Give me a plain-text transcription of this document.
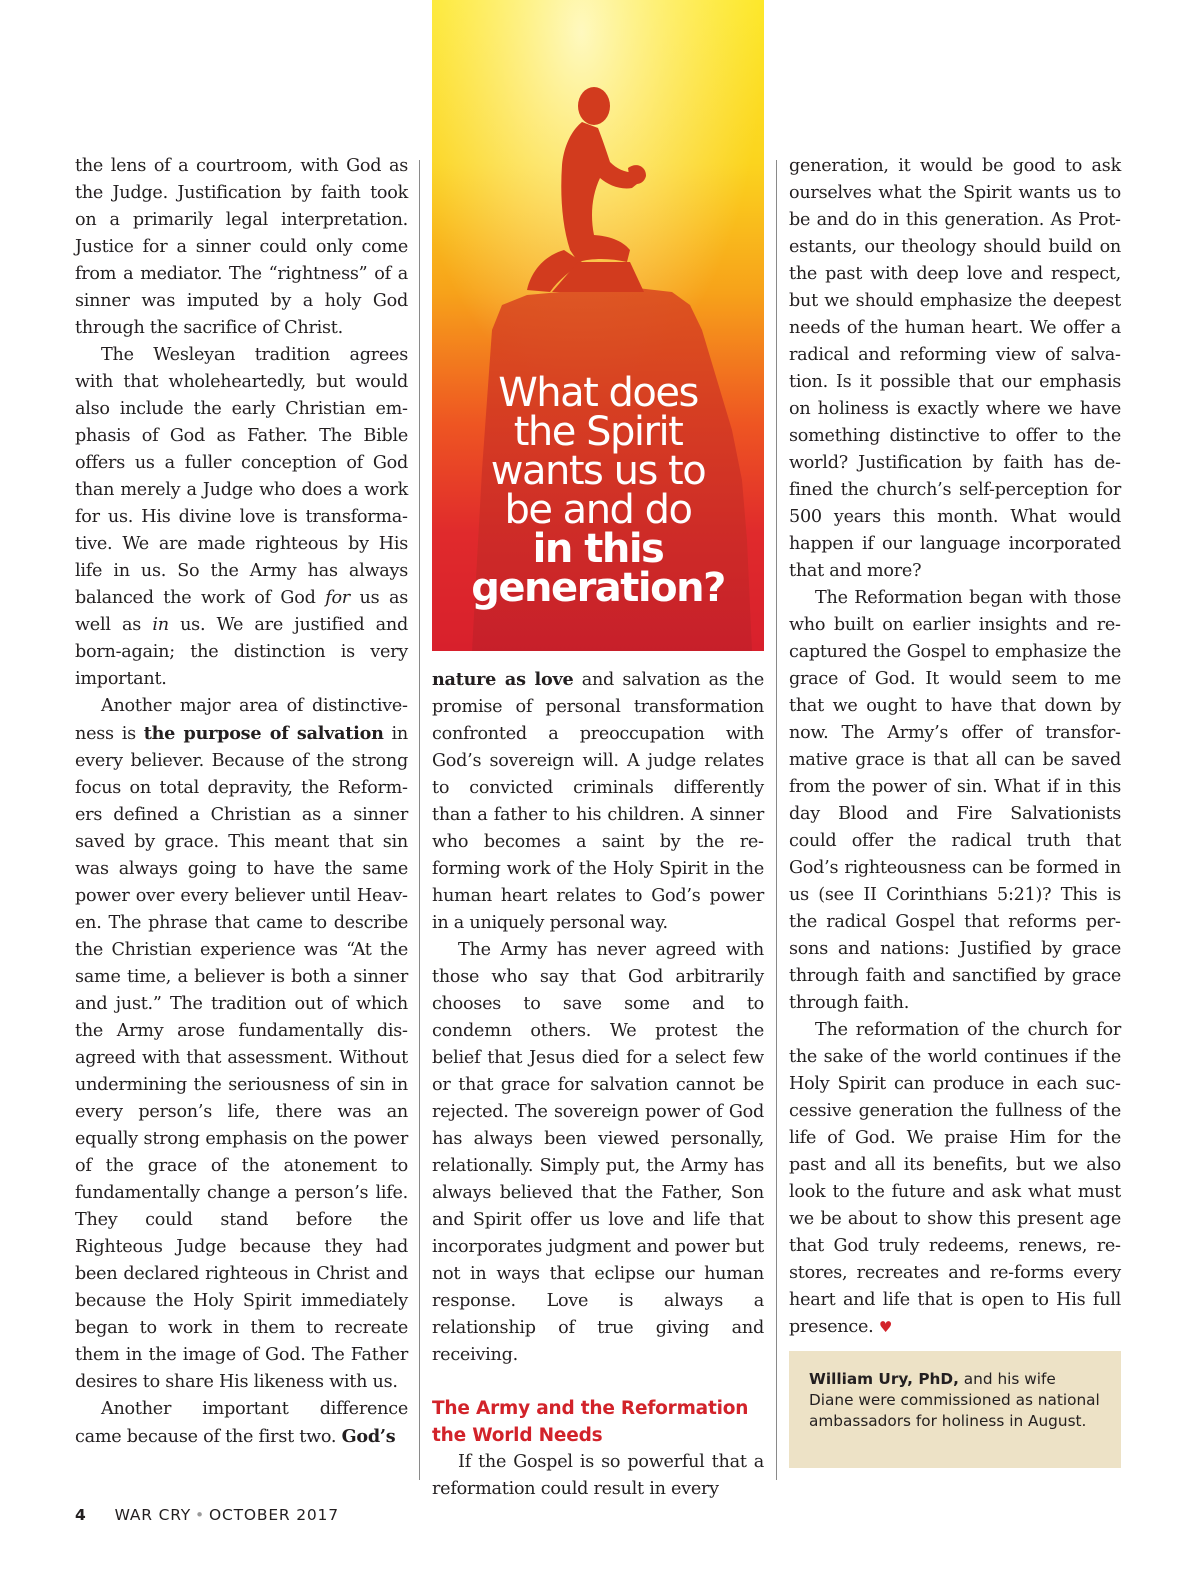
the lens of a courtroom, with God as the Judge. Justification by faith took on a primarily legal interpretation. Justice for a sinner could only come from a mediator. The “rightness” of a sinner was imputed by a holy God through the sacrifice of Christ.

The Wesleyan tradition agrees with that wholeheartedly, but would also include the early Christian emphasis of God as Father. The Bible offers us a fuller conception of God than merely a Judge who does a work for us. His divine love is transformative. We are made righteous by His life in us. So the Army has always balanced the work of God for us as well as in us. We are justified and born-again; the distinction is very important.

Another major area of distinctiveness is the purpose of salvation in every believer. Because of the strong focus on total depravity, the Reformers defined a Christian as a sinner saved by grace. This meant that sin was always going to have the same power over every believer until Heaven. The phrase that came to describe the Christian experience was “At the same time, a believer is both a sinner and just.” The tradition out of which the Army arose fundamentally disagreed with that assessment. Without undermining the seriousness of sin in every person’s life, there was an equally strong emphasis on the power of the grace of the atonement to fundamentally change a person’s life. They could stand before the Righteous Judge because they had been declared righteous in Christ and because the Holy Spirit immediately began to work in them to recreate them in the image of God. The Father desires to share His likeness with us.

Another important difference came because of the first two. God’s

What does
the Spirit
wants us to
be and do
in this
generation?

nature as love and salvation as the promise of personal transformation confronted a preoccupation with God’s sovereign will. A judge relates to convicted criminals differently than a father to his children. A sinner who becomes a saint by the reforming work of the Holy Spirit in the human heart relates to God’s power in a uniquely personal way.

The Army has never agreed with those who say that God arbitrarily chooses to save some and to condemn others. We protest the belief that Jesus died for a select few or that grace for salvation cannot be rejected. The sovereign power of God has always been viewed personally, relationally. Simply put, the Army has always believed that the Father, Son and Spirit offer us love and life that incorporates judgment and power but not in ways that eclipse our human response. Love is always a relationship of true giving and receiving.

The Army and the Reformation the World Needs

If the Gospel is so powerful that a reformation could result in every

generation, it would be good to ask ourselves what the Spirit wants us to be and do in this generation. As Protestants, our theology should build on the past with deep love and respect, but we should emphasize the deepest needs of the human heart. We offer a radical and reforming view of salvation. Is it possible that our emphasis on holiness is exactly where we have something distinctive to offer to the world? Justification by faith has defined the church’s self-perception for 500 years this month. What would happen if our language incorporated that and more?

The Reformation began with those who built on earlier insights and recaptured the Gospel to emphasize the grace of God. It would seem to me that we ought to have that down by now. The Army’s offer of transformative grace is that all can be saved from the power of sin. What if in this day Blood and Fire Salvationists could offer the radical truth that God’s righteousness can be formed in us (see II Corinthians 5:21)? This is the radical Gospel that reforms persons and nations: Justified by grace through faith and sanctified by grace through faith.

The reformation of the church for the sake of the world continues if the Holy Spirit can produce in each successive generation the fullness of the life of God. We praise Him for the past and all its benefits, but we also look to the future and ask what must we be about to show this present age that God truly redeems, renews, restores, recreates and re-forms every heart and life that is open to His full presence. ♥

William Ury, PhD, and his wife Diane were commissioned as national ambassadors for holiness in August.
4 WAR CRY • OCTOBER 2017
